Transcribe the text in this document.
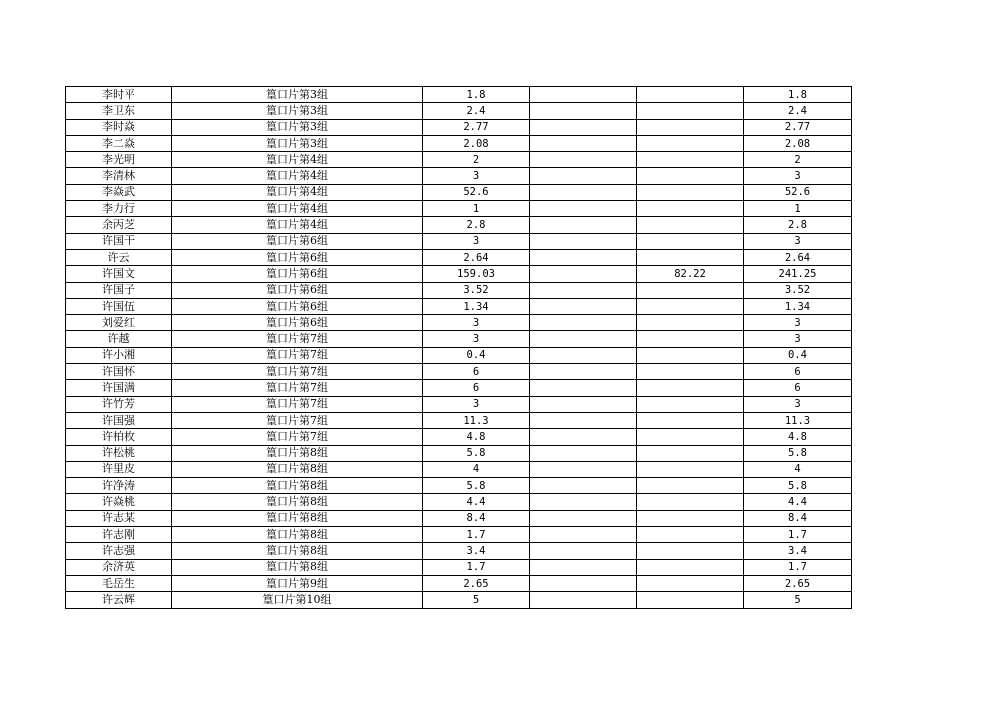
李时平	篁口片第3组	1.8			1.8
李卫东	篁口片第3组	2.4			2.4
李时焱	篁口片第3组	2.77			2.77
李二焱	篁口片第3组	2.08			2.08
李光明	篁口片第4组	2			2
李清林	篁口片第4组	3			3
李焱武	篁口片第4组	52.6			52.6
李力行	篁口片第4组	1			1
余丙芝	篁口片第4组	2.8			2.8
许国干	篁口片第6组	3			3
许云	篁口片第6组	2.64			2.64
许国文	篁口片第6组	159.03		82.22	241.25
许国子	篁口片第6组	3.52			3.52
许国伍	篁口片第6组	1.34			1.34
刘爱红	篁口片第6组	3			3
许越	篁口片第7组	3			3
许小湘	篁口片第7组	0.4			0.4
许国怀	篁口片第7组	6			6
许国满	篁口片第7组	6			6
许竹芳	篁口片第7组	3			3
许国强	篁口片第7组	11.3			11.3
许柏枚	篁口片第7组	4.8			4.8
许松桃	篁口片第8组	5.8			5.8
许里皮	篁口片第8组	4			4
许净涛	篁口片第8组	5.8			5.8
许焱桃	篁口片第8组	4.4			4.4
许志某	篁口片第8组	8.4			8.4
许志刚	篁口片第8组	1.7			1.7
许志强	篁口片第8组	3.4			3.4
余济英	篁口片第8组	1.7			1.7
毛岳生	篁口片第9组	2.65			2.65
许云辉	篁口片第10组	5			5
